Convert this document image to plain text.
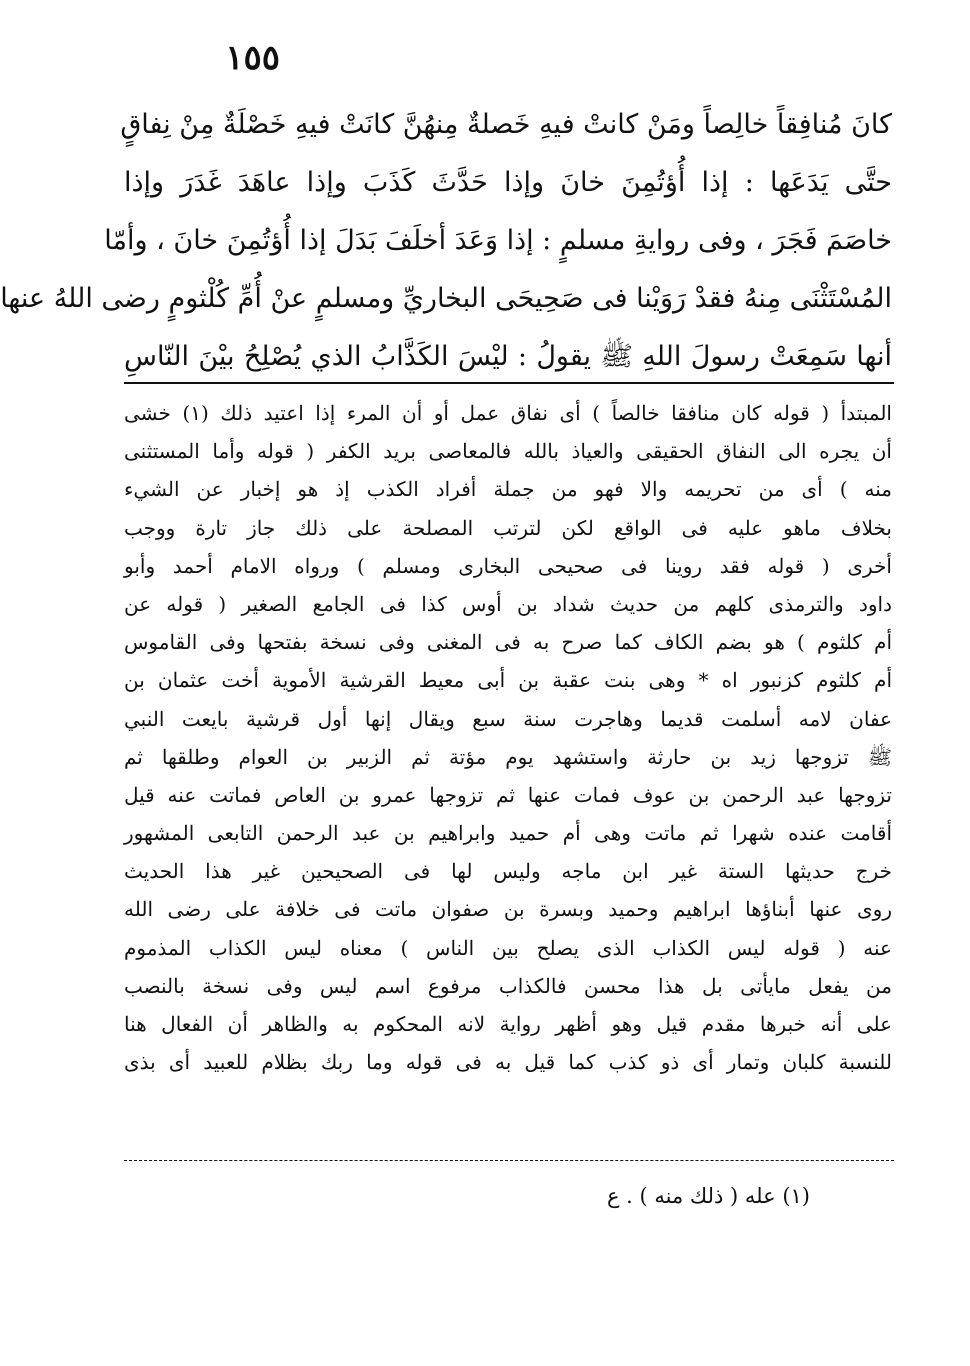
١٥٥
كانَ مُنافِقاً خالِصاً ومَنْ كانتْ فيهِ خَصلةٌ مِنهُنَّ كانَتْ فيهِ خَصْلَةٌ مِنْ نِفاقٍ
حتَّى يَدَعَها : إذا أُؤتُمِنَ خانَ وإذا حَدَّثَ كَذَبَ وإذا عاهَدَ غَدَرَ وإذا
خاصَمَ فَجَرَ ، وفى روايةِ مسلمٍ : إذا وَعَدَ أخلَفَ بَدَلَ إذا أُؤتُمِنَ خانَ ، وأمّا
المُسْتَثْنَى مِنهُ فقدْ رَوَيْنا فى صَحِيحَى البخاريِّ ومسلمٍ عنْ أُمِّ كُلْثومٍ رضى اللهُ عنها
أنها سَمِعَتْ رسولَ اللهِ ﷺ يقولُ : ليْسَ الكَذَّابُ الذي يُصْلِحُ بيْنَ النّاسِ
المبتدأ ( قوله كان منافقا خالصاً ) أى نفاق عمل أو أن المرء إذا اعتيد ذلك (١) خشى
أن يجره الى النفاق الحقيقى والعياذ بالله فالمعاصى بريد الكفر ( قوله وأما المستثنى
منه ) أى من تحريمه والا فهو من جملة أفراد الكذب إذ هو إخبار عن الشيء
بخلاف ماهو عليه فى الواقع لكن لترتب المصلحة على ذلك جاز تارة ووجب
أخرى ( قوله فقد روينا فى صحيحى البخارى ومسلم ) ورواه الامام أحمد وأبو
داود والترمذى كلهم من حديث شداد بن أوس كذا فى الجامع الصغير ( قوله عن
أم كلثوم ) هو بضم الكاف كما صرح به فى المغنى وفى نسخة بفتحها وفى القاموس
أم كلثوم كزنبور اه * وهى بنت عقبة بن أبى معيط القرشية الأموية أخت عثمان بن
عفان لامه أسلمت قديما وهاجرت سنة سبع ويقال إنها أول قرشية بايعت النبي
ﷺ تزوجها زيد بن حارثة واستشهد يوم مؤتة ثم الزبير بن العوام وطلقها ثم
تزوجها عبد الرحمن بن عوف فمات عنها ثم تزوجها عمرو بن العاص فماتت عنه قيل
أقامت عنده شهرا ثم ماتت وهى أم حميد وابراهيم بن عبد الرحمن التابعى المشهور
خرج حديثها الستة غير ابن ماجه وليس لها فى الصحيحين غير هذا الحديث
روى عنها أبناؤها ابراهيم وحميد وبسرة بن صفوان ماتت فى خلافة على رضى الله
عنه ( قوله ليس الكذاب الذى يصلح بين الناس ) معناه ليس الكذاب المذموم
من يفعل مايأتى بل هذا محسن فالكذاب مرفوع اسم ليس وفى نسخة بالنصب
على أنه خبرها مقدم قيل وهو أظهر رواية لانه المحكوم به والظاهر أن الفعال هنا
للنسبة كلبان وتمار أى ذو كذب كما قيل به فى قوله وما ربك بظلام للعبيد أى بذى
(١) عله ( ذلك منه ) . ع
